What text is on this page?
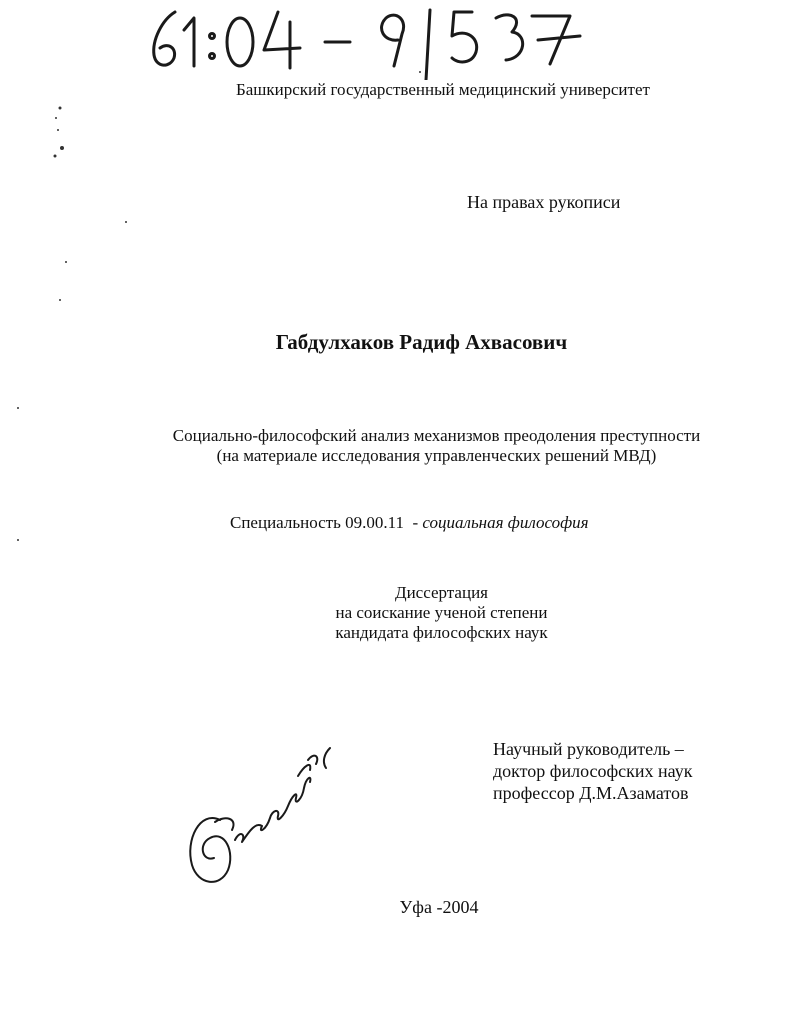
Башкирский государственный медицинский университет
На правах рукописи
Габдулхаков Радиф Ахвасович
Социально-философский анализ механизмов преодоления преступности
(на материале исследования управленческих решений МВД)
Специальность 09.00.11 - социальная философия
Диссертация
на соискание ученой степени
кандидата философских наук
Научный руководитель –
доктор философских наук
профессор Д.М.Азаматов
Уфа -2004
